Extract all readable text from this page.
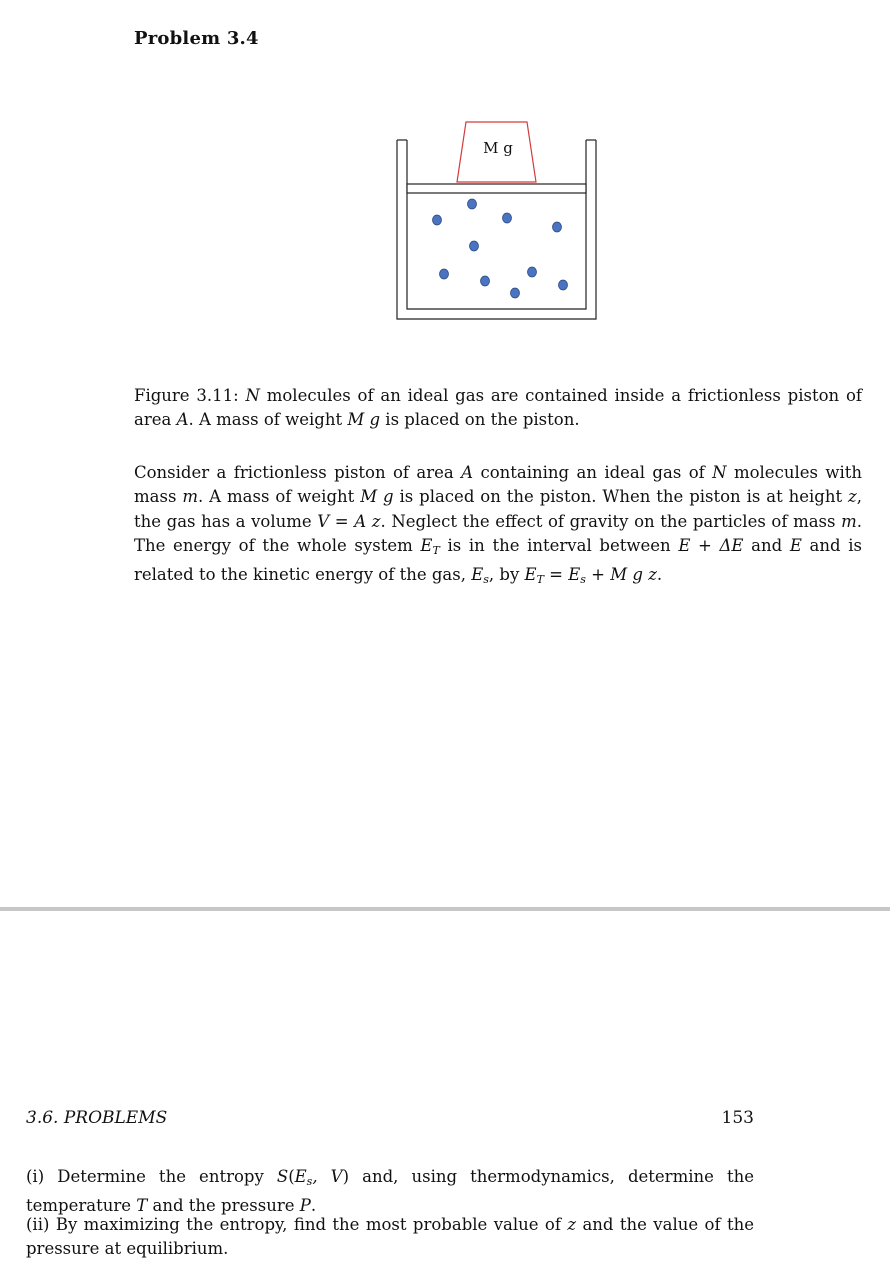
Problem 3.4
M g
Figure 3.11: N molecules of an ideal gas are contained inside a frictionless piston of area A. A mass of weight M g is placed on the piston.
Consider a frictionless piston of area A containing an ideal gas of N molecules with mass m. A mass of weight M g is placed on the piston. When the piston is at height z, the gas has a volume V = A z. Neglect the effect of gravity on the particles of mass m. The energy of the whole system $E_T$ is in the interval between E + ΔE and E and is related to the kinetic energy of the gas, $E_s$, by $E_T = E_s + M$ g z.
3.6. PROBLEMS	153
(i) Determine the entropy $S(E_s$, V) and, using thermodynamics, determine the temperature T and the pressure P.
(ii) By maximizing the entropy, find the most probable value of z and the value of the pressure at equilibrium.
